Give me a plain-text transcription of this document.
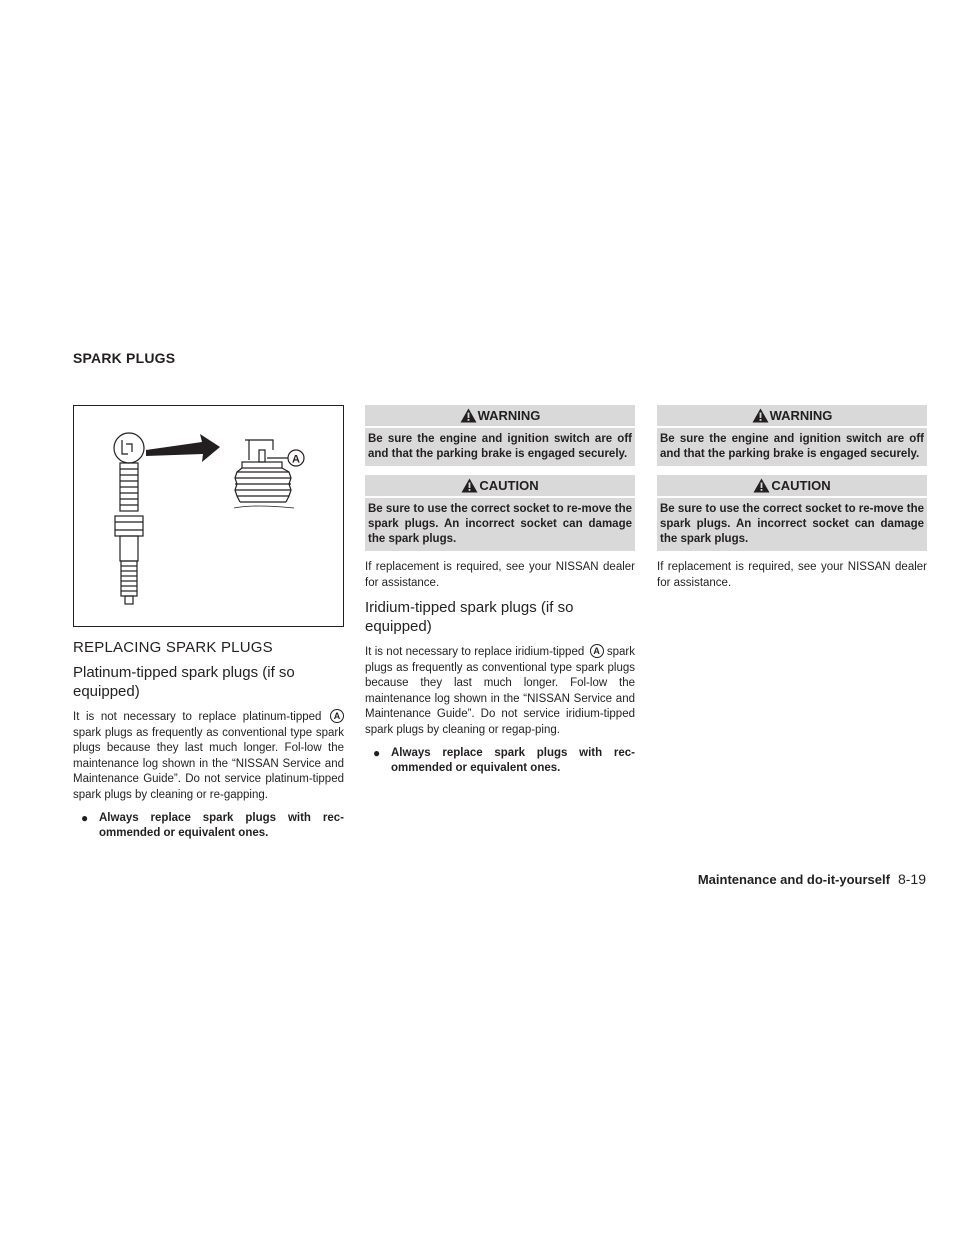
SPARK PLUGS
A
REPLACING SPARK PLUGS
Platinum-tipped spark plugs (if so equipped)

It is not necessary to replace platinum-tipped A spark plugs as frequently as conventional type spark plugs because they last much longer. Fol-low the maintenance log shown in the “NISSAN Service and Maintenance Guide”. Do not service platinum-tipped spark plugs by cleaning or re-gapping.

● Always replace spark plugs with rec-ommended or equivalent ones.
WARNING
Be sure the engine and ignition switch are off and that the parking brake is engaged securely.
CAUTION
Be sure to use the correct socket to re-move the spark plugs. An incorrect socket can damage the spark plugs.

If replacement is required, see your NISSAN dealer for assistance.

Iridium-tipped spark plugs (if so equipped)

It is not necessary to replace iridium-tipped A spark plugs as frequently as conventional type spark plugs because they last much longer. Fol-low the maintenance log shown in the “NISSAN Service and Maintenance Guide”. Do not service iridium-tipped spark plugs by cleaning or regap-ping.

● Always replace spark plugs with rec-ommended or equivalent ones.
WARNING
Be sure the engine and ignition switch are off and that the parking brake is engaged securely.
CAUTION
Be sure to use the correct socket to re-move the spark plugs. An incorrect socket can damage the spark plugs.

If replacement is required, see your NISSAN dealer for assistance.

Maintenance and do-it-yourself 8-19
